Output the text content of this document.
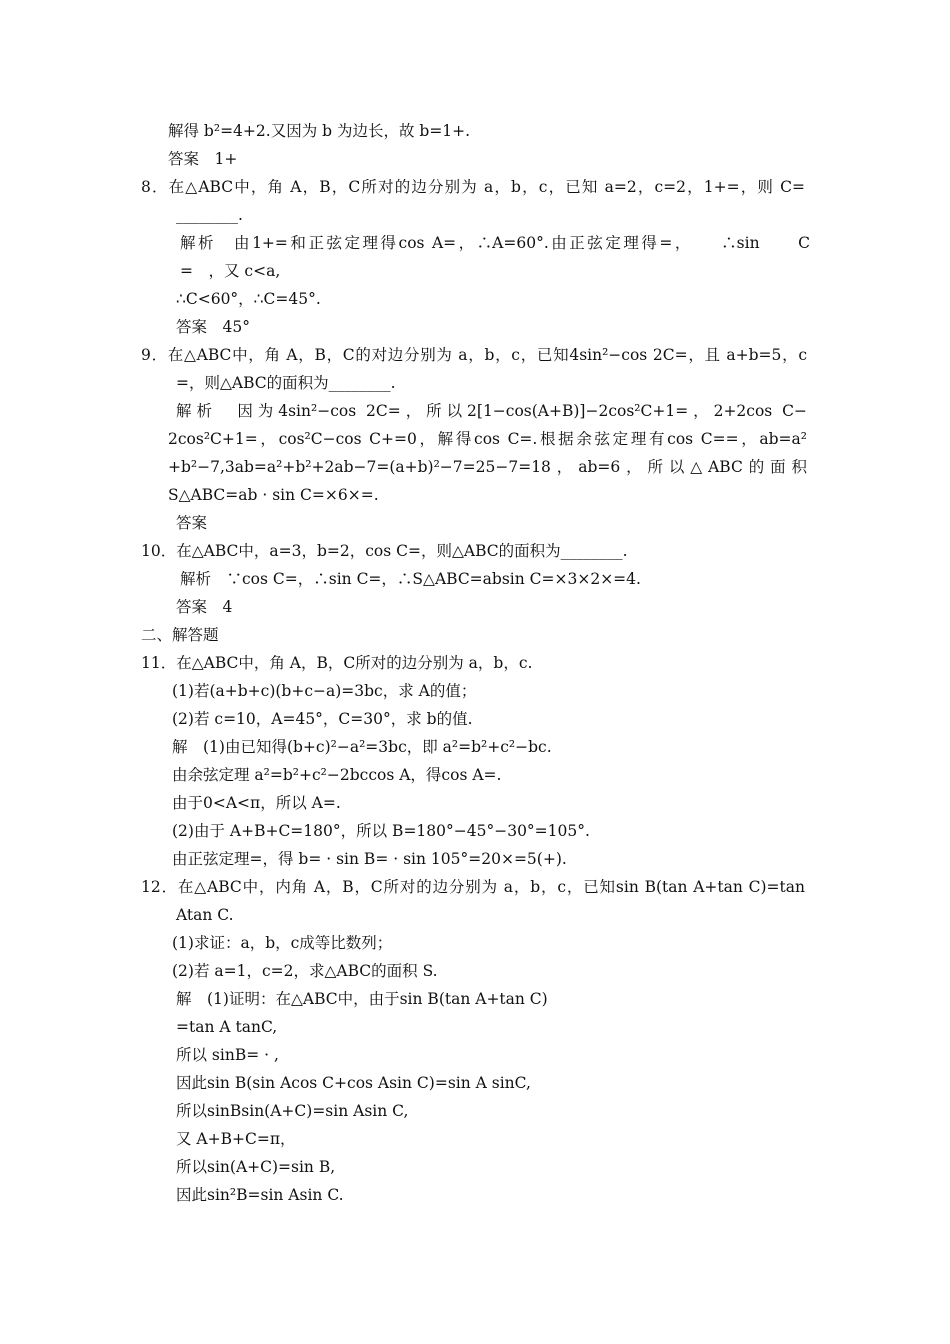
解得 b²=4+2.又因为 b 为边长，故 b=1+.
答案　1+
8．在△ABC中，角 A，B，C所对的边分别为 a，b，c，已知 a=2，c=2，1+=，则 C=
________.
解析　由1+=和正弦定理得cos A=，∴A=60°.由正弦定理得=，　　∴sin　　C
=　，又 c<a,
∴C<60°，∴C=45°.
答案　45°
9．在△ABC中，角 A，B，C的对边分别为 a，b，c，已知4sin²−cos 2C=，且 a+b=5，c
=，则△ABC的面积为________.
解析　因为4sin²−cos 2C=，所以2[1−cos(A+B)]−2cos²C+1=，2+2cos C−
2cos²C+1=，cos²C−cos C+=0，解得cos C=.根据余弦定理有cos C==，ab=a²
+b²−7,3ab=a²+b²+2ab−7=(a+b)²−7=25−7=18，ab=6，所以△ABC的面积
S△ABC=ab · sin C=×6×=.
答案
10．在△ABC中，a=3，b=2，cos C=，则△ABC的面积为________.
解析　∵cos C=，∴sin C=，∴S△ABC=absin C=×3×2×=4.
答案　4
二、解答题
11．在△ABC中，角 A，B，C所对的边分别为 a，b，c.
(1)若(a+b+c)(b+c−a)=3bc，求 A的值；
(2)若 c=10，A=45°，C=30°，求 b的值.
解　(1)由已知得(b+c)²−a²=3bc，即 a²=b²+c²−bc.
由余弦定理 a²=b²+c²−2bccos A，得cos A=.
由于0<A<π，所以 A=.
(2)由于 A+B+C=180°，所以 B=180°−45°−30°=105°.
由正弦定理=，得 b= · sin B= · sin 105°=20×=5(+).
12．在△ABC中，内角 A，B，C所对的边分别为 a，b，c，已知sin B(tan A+tan C)=tan
Atan C.
(1)求证：a，b，c成等比数列；
(2)若 a=1，c=2，求△ABC的面积 S.
解　(1)证明：在△ABC中，由于sin B(tan A+tan C)
=tan A tanC,
所以 sinB= · ,
因此sin B(sin Acos C+cos Asin C)=sin A sinC,
所以sinBsin(A+C)=sin Asin C,
又 A+B+C=π，
所以sin(A+C)=sin B,
因此sin²B=sin Asin C.
